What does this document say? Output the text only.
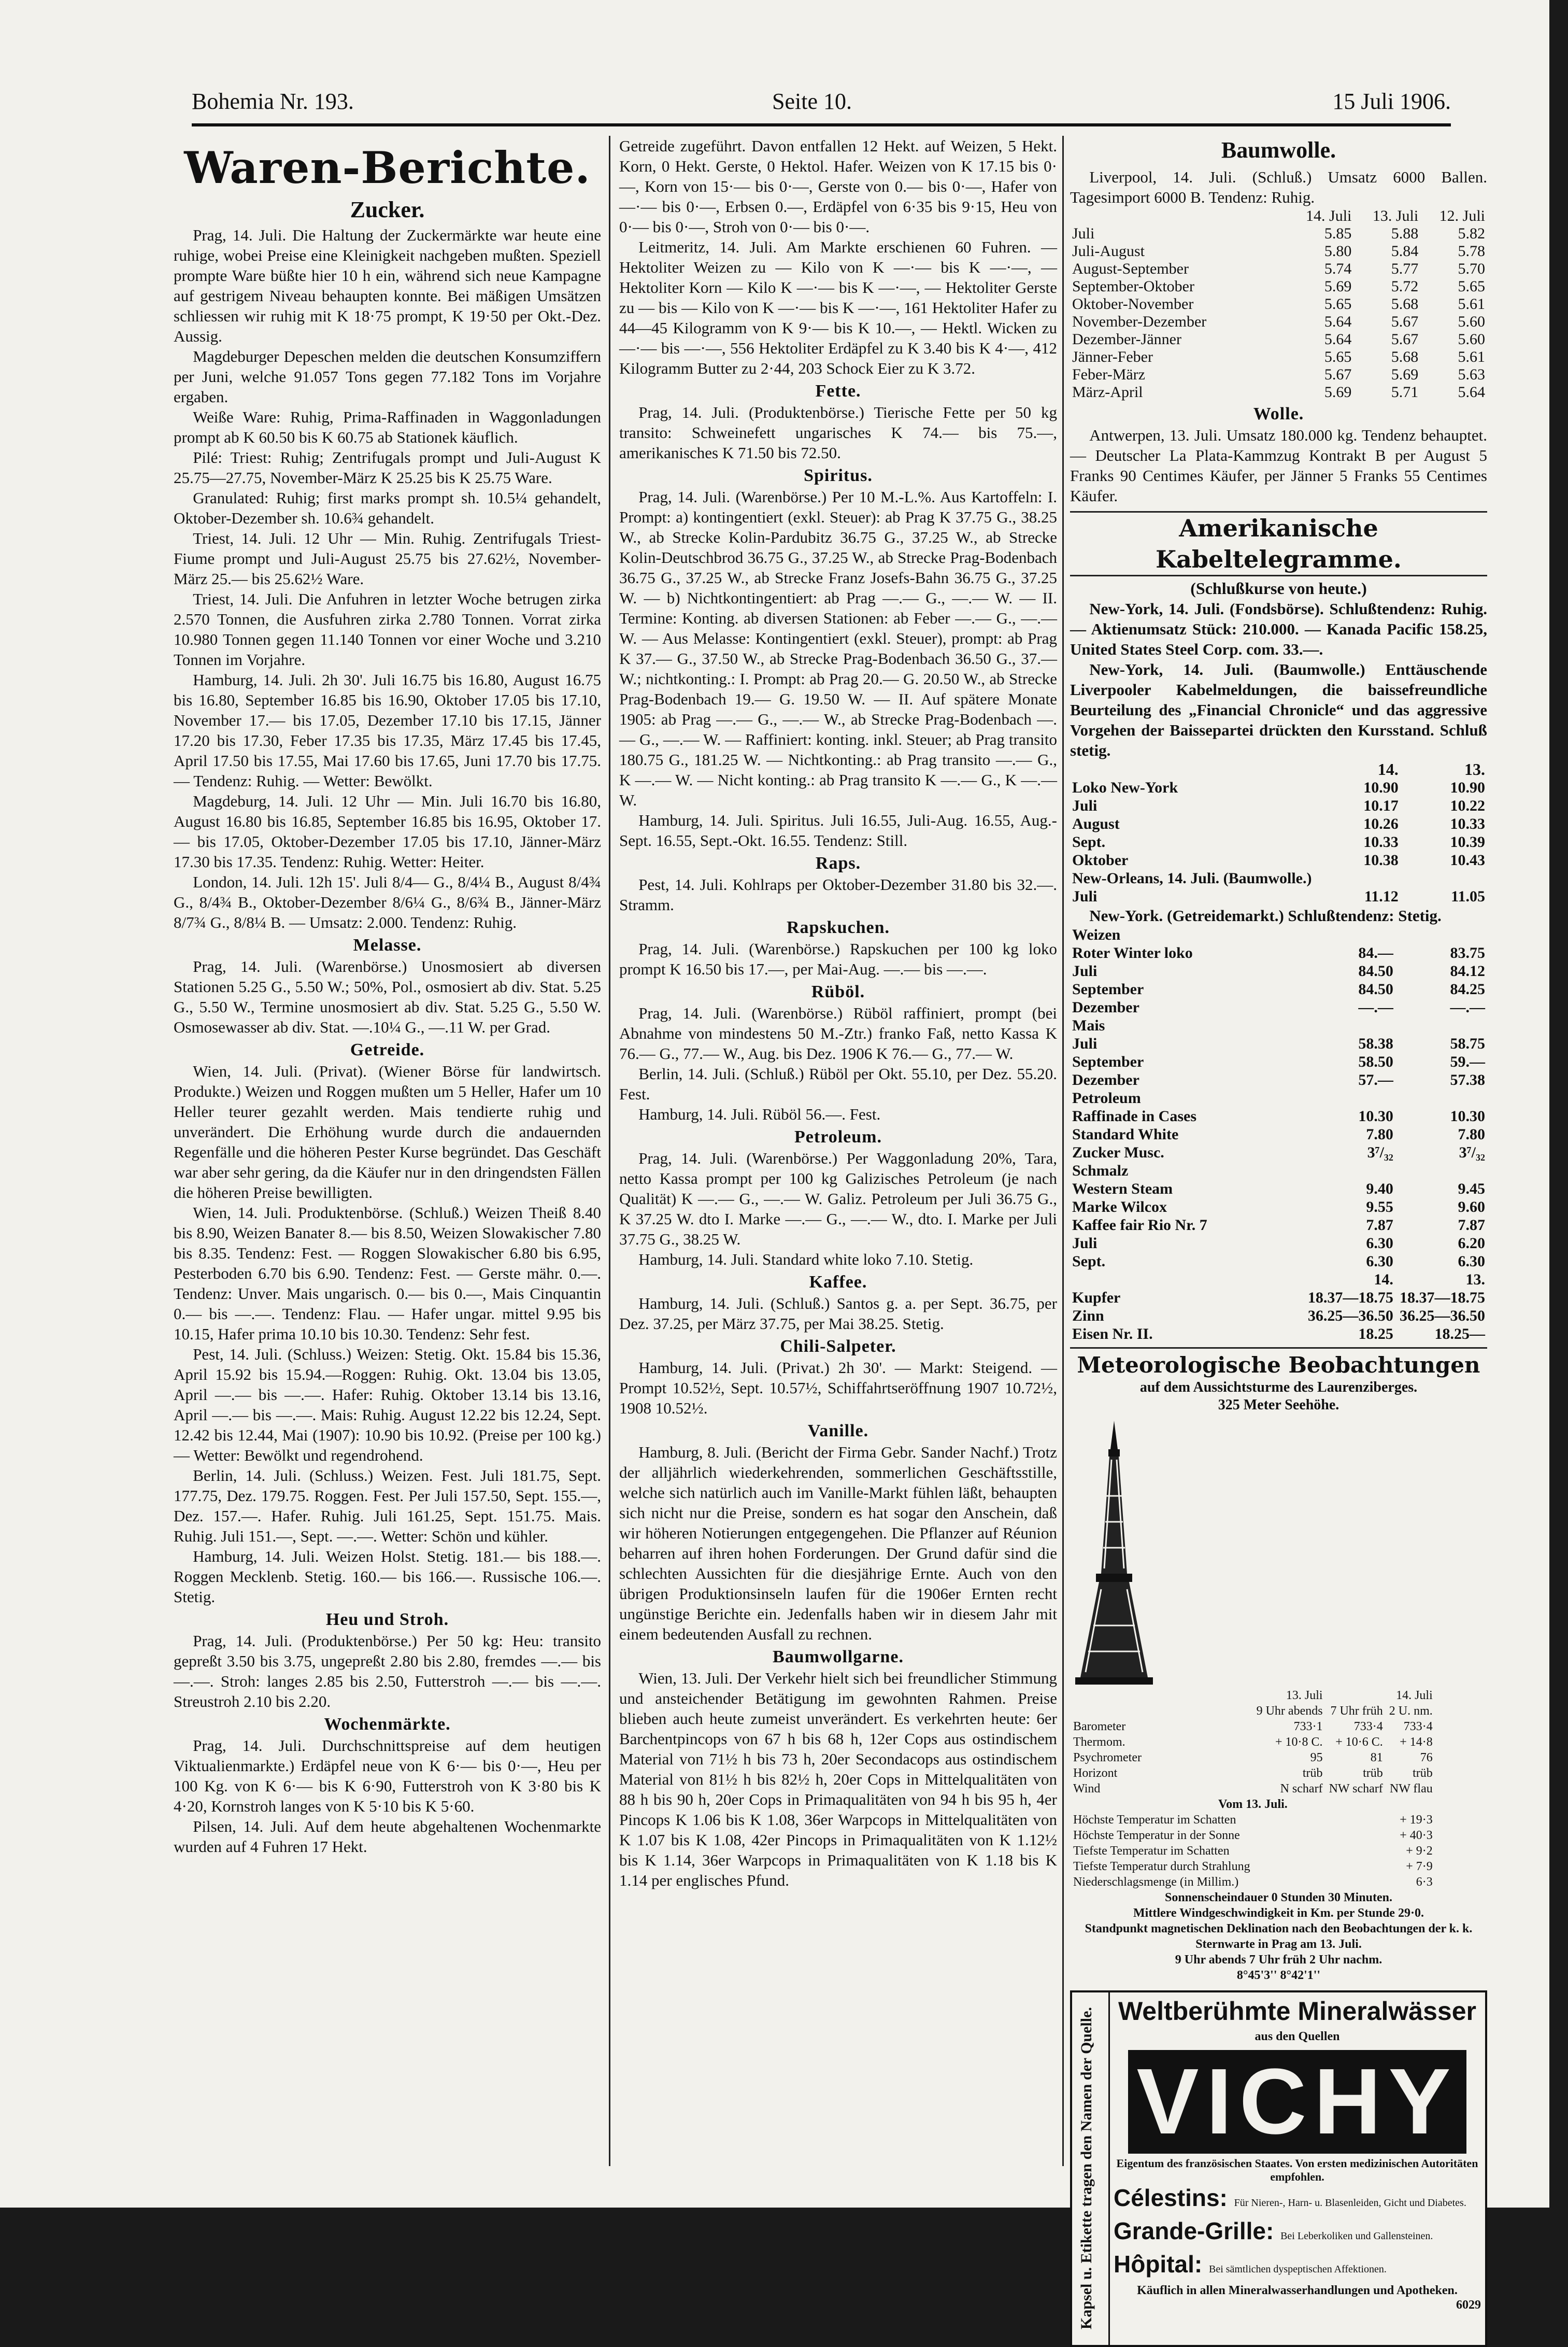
Bohemia Nr. 193.	Seite 10.	15 Juli 1906.
Waren-Berichte.
Zucker.

Prag, 14. Juli. Die Haltung der Zuckermärkte war heute eine ruhige, wobei Preise eine Kleinigkeit nachgeben mußten. Speziell prompte Ware büßte hier 10 h ein, während sich neue Kampagne auf gestrigem Niveau behaupten konnte. Bei mäßigen Umsätzen schliessen wir ruhig mit K 18·75 prompt, K 19·50 per Okt.-Dez. Aussig.

Magdeburger Depeschen melden die deutschen Konsumziffern per Juni, welche 91.057 Tons gegen 77.182 Tons im Vorjahre ergaben.

Weiße Ware: Ruhig, Prima-Raffinaden in Waggonladungen prompt ab K 60.50 bis K 60.75 ab Stationek käuflich.

Pilé: Triest: Ruhig; Zentrifugals prompt und Juli-August K 25.75—27.75, November-März K 25.25 bis K 25.75 Ware.

Granulated: Ruhig; first marks prompt sh. 10.5¼ gehandelt, Oktober-Dezember sh. 10.6¾ gehandelt.

Triest, 14. Juli. 12 Uhr — Min. Ruhig. Zentrifugals Triest-Fiume prompt und Juli-August 25.75 bis 27.62½, November-März 25.— bis 25.62½ Ware.

Triest, 14. Juli. Die Anfuhren in letzter Woche betrugen zirka 2.570 Tonnen, die Ausfuhren zirka 2.780 Tonnen. Vorrat zirka 10.980 Tonnen gegen 11.140 Tonnen vor einer Woche und 3.210 Tonnen im Vorjahre.

Hamburg, 14. Juli. 2h 30'. Juli 16.75 bis 16.80, August 16.75 bis 16.80, September 16.85 bis 16.90, Oktober 17.05 bis 17.10, November 17.— bis 17.05, Dezember 17.10 bis 17.15, Jänner 17.20 bis 17.30, Feber 17.35 bis 17.35, März 17.45 bis 17.45, April 17.50 bis 17.55, Mai 17.60 bis 17.65, Juni 17.70 bis 17.75. — Tendenz: Ruhig. — Wetter: Bewölkt.

Magdeburg, 14. Juli. 12 Uhr — Min. Juli 16.70 bis 16.80, August 16.80 bis 16.85, September 16.85 bis 16.95, Oktober 17.— bis 17.05, Oktober-Dezember 17.05 bis 17.10, Jänner-März 17.30 bis 17.35. Tendenz: Ruhig. Wetter: Heiter.

London, 14. Juli. 12h 15'. Juli 8/4— G., 8/4¼ B., August 8/4¾ G., 8/4¾ B., Oktober-Dezember 8/6¼ G., 8/6¾ B., Jänner-März 8/7¾ G., 8/8¼ B. — Umsatz: 2.000. Tendenz: Ruhig.

Melasse.

Prag, 14. Juli. (Warenbörse.) Unosmosiert ab diversen Stationen 5.25 G., 5.50 W.; 50%, Pol., osmosiert ab div. Stat. 5.25 G., 5.50 W., Termine unosmosiert ab div. Stat. 5.25 G., 5.50 W. Osmosewasser ab div. Stat. —.10¼ G., —.11 W. per Grad.

Getreide.

Wien, 14. Juli. (Privat). (Wiener Börse für landwirtsch. Produkte.) Weizen und Roggen mußten um 5 Heller, Hafer um 10 Heller teurer gezahlt werden. Mais tendierte ruhig und unverändert. Die Erhöhung wurde durch die andauernden Regenfälle und die höheren Pester Kurse begründet. Das Geschäft war aber sehr gering, da die Käufer nur in den dringendsten Fällen die höheren Preise bewilligten.

Wien, 14. Juli. Produktenbörse. (Schluß.) Weizen Theiß 8.40 bis 8.90, Weizen Banater 8.— bis 8.50, Weizen Slowakischer 7.80 bis 8.35. Tendenz: Fest. — Roggen Slowakischer 6.80 bis 6.95, Pesterboden 6.70 bis 6.90. Tendenz: Fest. — Gerste mähr. 0.—. Tendenz: Unver. Mais ungarisch. 0.— bis 0.—, Mais Cinquantin 0.— bis —.—. Tendenz: Flau. — Hafer ungar. mittel 9.95 bis 10.15, Hafer prima 10.10 bis 10.30. Tendenz: Sehr fest.

Pest, 14. Juli. (Schluss.) Weizen: Stetig. Okt. 15.84 bis 15.36, April 15.92 bis 15.94.—Roggen: Ruhig. Okt. 13.04 bis 13.05, April —.— bis —.—. Hafer: Ruhig. Oktober 13.14 bis 13.16, April —.— bis —.—. Mais: Ruhig. August 12.22 bis 12.24, Sept. 12.42 bis 12.44, Mai (1907): 10.90 bis 10.92. (Preise per 100 kg.) — Wetter: Bewölkt und regendrohend.

Berlin, 14. Juli. (Schluss.) Weizen. Fest. Juli 181.75, Sept. 177.75, Dez. 179.75. Roggen. Fest. Per Juli 157.50, Sept. 155.—, Dez. 157.—. Hafer. Ruhig. Juli 161.25, Sept. 151.75. Mais. Ruhig. Juli 151.—, Sept. —.—. Wetter: Schön und kühler.

Hamburg, 14. Juli. Weizen Holst. Stetig. 181.— bis 188.—. Roggen Mecklenb. Stetig. 160.— bis 166.—. Russische 106.—. Stetig.

Heu und Stroh.

Prag, 14. Juli. (Produktenbörse.) Per 50 kg: Heu: transito gepreßt 3.50 bis 3.75, ungepreßt 2.80 bis 2.80, fremdes —.— bis —.—. Stroh: langes 2.85 bis 2.50, Futterstroh —.— bis —.—. Streustroh 2.10 bis 2.20.

Wochenmärkte.

Prag, 14. Juli. Durchschnittspreise auf dem heutigen Viktualienmarkte.) Erdäpfel neue von K 6·— bis 0·—, Heu per 100 Kg. von K 6·— bis K 6·90, Futterstroh von K 3·80 bis K 4·20, Kornstroh langes von K 5·10 bis K 5·60.

Pilsen, 14. Juli. Auf dem heute abgehaltenen Wochenmarkte wurden auf 4 Fuhren 17 Hekt.

Getreide zugeführt. Davon entfallen 12 Hekt. auf Weizen, 5 Hekt. Korn, 0 Hekt. Gerste, 0 Hektol. Hafer. Weizen von K 17.15 bis 0·—, Korn von 15·— bis 0·—, Gerste von 0.— bis 0·—, Hafer von —·— bis 0·—, Erbsen 0.—, Erdäpfel von 6·35 bis 9·15, Heu von 0·— bis 0·—, Stroh von 0·— bis 0·—.

Leitmeritz, 14. Juli. Am Markte erschienen 60 Fuhren. — Hektoliter Weizen zu — Kilo von K —·— bis K —·—, — Hektoliter Korn — Kilo K —·— bis K —·—, — Hektoliter Gerste zu — bis — Kilo von K —·— bis K —·—, 161 Hektoliter Hafer zu 44—45 Kilogramm von K 9·— bis K 10.—, — Hektl. Wicken zu —·— bis —·—, 556 Hektoliter Erdäpfel zu K 3.40 bis K 4·—, 412 Kilogramm Butter zu 2·44, 203 Schock Eier zu K 3.72.

Fette.

Prag, 14. Juli. (Produktenbörse.) Tierische Fette per 50 kg transito: Schweinefett ungarisches K 74.— bis 75.—, amerikanisches K 71.50 bis 72.50.

Spiritus.

Prag, 14. Juli. (Warenbörse.) Per 10 M.-L.%. Aus Kartoffeln: I. Prompt: a) kontingentiert (exkl. Steuer): ab Prag K 37.75 G., 38.25 W., ab Strecke Kolin-Pardubitz 36.75 G., 37.25 W., ab Strecke Kolin-Deutschbrod 36.75 G., 37.25 W., ab Strecke Prag-Bodenbach 36.75 G., 37.25 W., ab Strecke Franz Josefs-Bahn 36.75 G., 37.25 W. — b) Nichtkontingentiert: ab Prag —.— G., —.— W. — II. Termine: Konting. ab diversen Stationen: ab Feber —.— G., —.— W. — Aus Melasse: Kontingentiert (exkl. Steuer), prompt: ab Prag K 37.— G., 37.50 W., ab Strecke Prag-Bodenbach 36.50 G., 37.— W.; nichtkonting.: I. Prompt: ab Prag 20.— G. 20.50 W., ab Strecke Prag-Bodenbach 19.— G. 19.50 W. — II. Auf spätere Monate 1905: ab Prag —.— G., —.— W., ab Strecke Prag-Bodenbach —.— G., —.— W. — Raffiniert: konting. inkl. Steuer; ab Prag transito 180.75 G., 181.25 W. — Nichtkonting.: ab Prag transito —.— G., K —.— W. — Nicht konting.: ab Prag transito K —.— G., K —.— W.

Hamburg, 14. Juli. Spiritus. Juli 16.55, Juli-Aug. 16.55, Aug.-Sept. 16.55, Sept.-Okt. 16.55. Tendenz: Still.

Raps.

Pest, 14. Juli. Kohlraps per Oktober-Dezember 31.80 bis 32.—. Stramm.

Rapskuchen.

Prag, 14. Juli. (Warenbörse.) Rapskuchen per 100 kg loko prompt K 16.50 bis 17.—, per Mai-Aug. —.— bis —.—.

Rüböl.

Prag, 14. Juli. (Warenbörse.) Rüböl raffiniert, prompt (bei Abnahme von mindestens 50 M.-Ztr.) franko Faß, netto Kassa K 76.— G., 77.— W., Aug. bis Dez. 1906 K 76.— G., 77.— W.

Berlin, 14. Juli. (Schluß.) Rüböl per Okt. 55.10, per Dez. 55.20. Fest.

Hamburg, 14. Juli. Rüböl 56.—. Fest.

Petroleum.

Prag, 14. Juli. (Warenbörse.) Per Waggonladung 20%, Tara, netto Kassa prompt per 100 kg Galizisches Petroleum (je nach Qualität) K —.— G., —.— W. Galiz. Petroleum per Juli 36.75 G., K 37.25 W. dto I. Marke —.— G., —.— W., dto. I. Marke per Juli 37.75 G., 38.25 W.

Hamburg, 14. Juli. Standard white loko 7.10. Stetig.

Kaffee.

Hamburg, 14. Juli. (Schluß.) Santos g. a. per Sept. 36.75, per Dez. 37.25, per März 37.75, per Mai 38.25. Stetig.

Chili-Salpeter.

Hamburg, 14. Juli. (Privat.) 2h 30'. — Markt: Steigend. — Prompt 10.52½, Sept. 10.57½, Schiffahrtseröffnung 1907 10.72½, 1908 10.52½.

Vanille.

Hamburg, 8. Juli. (Bericht der Firma Gebr. Sander Nachf.) Trotz der alljährlich wiederkehrenden, sommerlichen Geschäftsstille, welche sich natürlich auch im Vanille-Markt fühlen läßt, behaupten sich nicht nur die Preise, sondern es hat sogar den Anschein, daß wir höheren Notierungen entgegengehen. Die Pflanzer auf Réunion beharren auf ihren hohen Forderungen. Der Grund dafür sind die schlechten Aussichten für die diesjährige Ernte. Auch von den übrigen Produktionsinseln laufen für die 1906er Ernten recht ungünstige Berichte ein. Jedenfalls haben wir in diesem Jahr mit einem bedeutenden Ausfall zu rechnen.

Baumwollgarne.

Wien, 13. Juli. Der Verkehr hielt sich bei freundlicher Stimmung und ansteichender Betätigung im gewohnten Rahmen. Preise blieben auch heute zumeist unverändert. Es verkehrten heute: 6er Barchentpincops von 67 h bis 68 h, 12er Cops aus ostindischem Material von 71½ h bis 73 h, 20er Secondacops aus ostindischem Material von 81½ h bis 82½ h, 20er Cops in Mittelqualitäten von 88 h bis 90 h, 20er Cops in Primaqualitäten von 94 h bis 95 h, 4er Pincops K 1.06 bis K 1.08, 36er Warpcops in Mittelqualitäten von K 1.07 bis K 1.08, 42er Pincops in Primaqualitäten von K 1.12½ bis K 1.14, 36er Warpcops in Primaqualitäten von K 1.18 bis K 1.14 per englisches Pfund.

Baumwolle.

Liverpool, 14. Juli. (Schluß.) Umsatz 6000 Ballen. Tagesimport 6000 B. Tendenz: Ruhig.

	14. Juli	13. Juli	12. Juli
Juli	5.85	5.88	5.82
Juli-August	5.80	5.84	5.78
August-September	5.74	5.77	5.70
September-Oktober	5.69	5.72	5.65
Oktober-November	5.65	5.68	5.61
November-Dezember	5.64	5.67	5.60
Dezember-Jänner	5.64	5.67	5.60
Jänner-Feber	5.65	5.68	5.61
Feber-März	5.67	5.69	5.63
März-April	5.69	5.71	5.64
Wolle.

Antwerpen, 13. Juli. Umsatz 180.000 kg. Tendenz behauptet. — Deutscher La Plata-Kammzug Kontrakt B per August 5 Franks 90 Centimes Käufer, per Jänner 5 Franks 55 Centimes Käufer.

Amerikanische Kabeltelegramme.
(Schlußkurse von heute.)

New-York, 14. Juli. (Fondsbörse). Schlußtendenz: Ruhig. — Aktienumsatz Stück: 210.000. — Kanada Pacific 158.25, United States Steel Corp. com. 33.—.

New-York, 14. Juli. (Baumwolle.) Enttäuschende Liverpooler Kabelmeldungen, die baissefreundliche Beurteilung des „Financial Chronicle“ und das aggressive Vorgehen der Baissepartei drückten den Kursstand. Schluß stetig.

	14.	13.
Loko New-York	10.90	10.90
Juli	10.17	10.22
August	10.26	10.33
Sept.	10.33	10.39
Oktober	10.38	10.43
New-Orleans, 14. Juli. (Baumwolle.)		
Juli	11.12	11.05

New-York. (Getreidemarkt.) Schlußtendenz: Stetig.

Weizen		
Roter Winter loko	84.—	83.75
Juli	84.50	84.12
September	84.50	84.25
Dezember	—.—	—.—
Mais		
Juli	58.38	58.75
September	58.50	59.—
Dezember	57.—	57.38
Petroleum		
Raffinade in Cases	10.30	10.30
Standard White	7.80	7.80
Zucker Musc.	3⁷/₃₂	3⁷/₃₂
Schmalz		
Western Steam	9.40	9.45
Marke Wilcox	9.55	9.60
Kaffee fair Rio Nr. 7	7.87	7.87
Juli	6.30	6.20
Sept.	6.30	6.30
	14.	13.
Kupfer	18.37—18.75	18.37—18.75
Zinn	36.25—36.50	36.25—36.50
Eisen Nr. II.	18.25	18.25—
Meteorologische Beobachtungen
auf dem Aussichtsturme des Laurenziberges.
325 Meter Seehöhe.
	13. Juli		14. Juli
	9 Uhr abends	7 Uhr früh	2 U. nm.
Barometer	733·1	733·4	733·4
Thermom.	+ 10·8 C.	+ 10·6 C.	+ 14·8
Psychrometer	95	81	76
Horizont	trüb	trüb	trüb
Wind	N scharf	NW scharf	NW flau
Vom 13. Juli.			
Höchste Temperatur im Schatten	+ 19·3		
Höchste Temperatur in der Sonne	+ 40·3		
Tiefste Temperatur im Schatten	+ 9·2		
Tiefste Temperatur durch Strahlung	+ 7·9		
Niederschlagsmenge (in Millim.)	6·3		
Sonnenscheindauer 0 Stunden 30 Minuten.
Mittlere Windgeschwindigkeit in Km. per Stunde 29·0.
Standpunkt magnetischen Deklination nach den Beobachtungen der k. k. Sternwarte in Prag am 13. Juli.
9 Uhr abends 7 Uhr früh 2 Uhr nachm.
8°45'3'' 8°42'1''
Kapsel u. Etikette tragen den Namen der Quelle. Weltberühmte Mineralwässer
aus den Quellen
VICHY
Eigentum des französischen Staates. Von ersten medizinischen Autoritäten empfohlen.
Célestins: Für Nieren-, Harn- u. Blasenleiden, Gicht und Diabetes.
Grande-Grille: Bei Leberkoliken und Gallensteinen.
Hôpital: Bei sämtlichen dyspeptischen Affektionen.
Käuflich in allen Mineralwasserhandlungen und Apotheken.
6029
